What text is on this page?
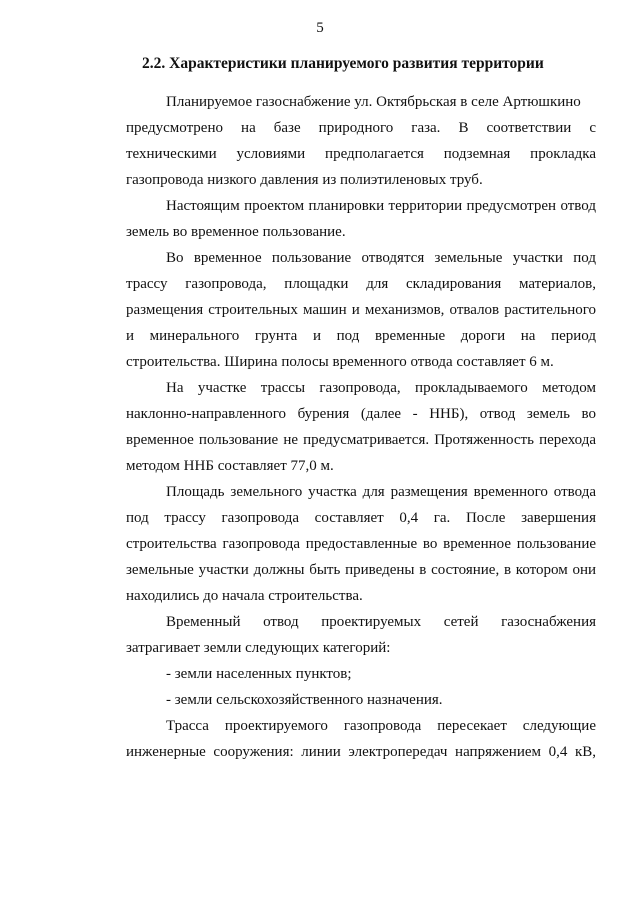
5
2.2. Характеристики планируемого развития территории
Планируемое газоснабжение ул. Октябрьская в селе Артюшкино
предусмотрено на базе природного газа. В соответствии с
техническими условиями предполагается подземная прокладка
газопровода низкого давления из полиэтиленовых труб.
Настоящим проектом планировки территории предусмотрен отвод
земель во временное пользование.
Во временное пользование отводятся земельные участки под
трассу газопровода, площадки для складирования материалов,
размещения строительных машин и механизмов, отвалов растительного
и минерального грунта и под временные дороги на период
строительства. Ширина полосы временного отвода составляет 6 м.
На участке трассы газопровода, прокладываемого методом
наклонно-направленного бурения (далее - ННБ), отвод земель во
временное пользование не предусматривается. Протяженность перехода
методом ННБ составляет 77,0 м.
Площадь земельного участка для размещения временного отвода
под трассу газопровода составляет 0,4 га. После завершения
строительства газопровода предоставленные во временное пользование
земельные участки должны быть приведены в состояние, в котором они
находились до начала строительства.
Временный отвод проектируемых сетей газоснабжения
затрагивает земли следующих категорий:
- земли населенных пунктов;
- земли сельскохозяйственного назначения.
Трасса проектируемого газопровода пересекает следующие
инженерные сооружения: линии электропередач напряжением 0,4 кВ,
